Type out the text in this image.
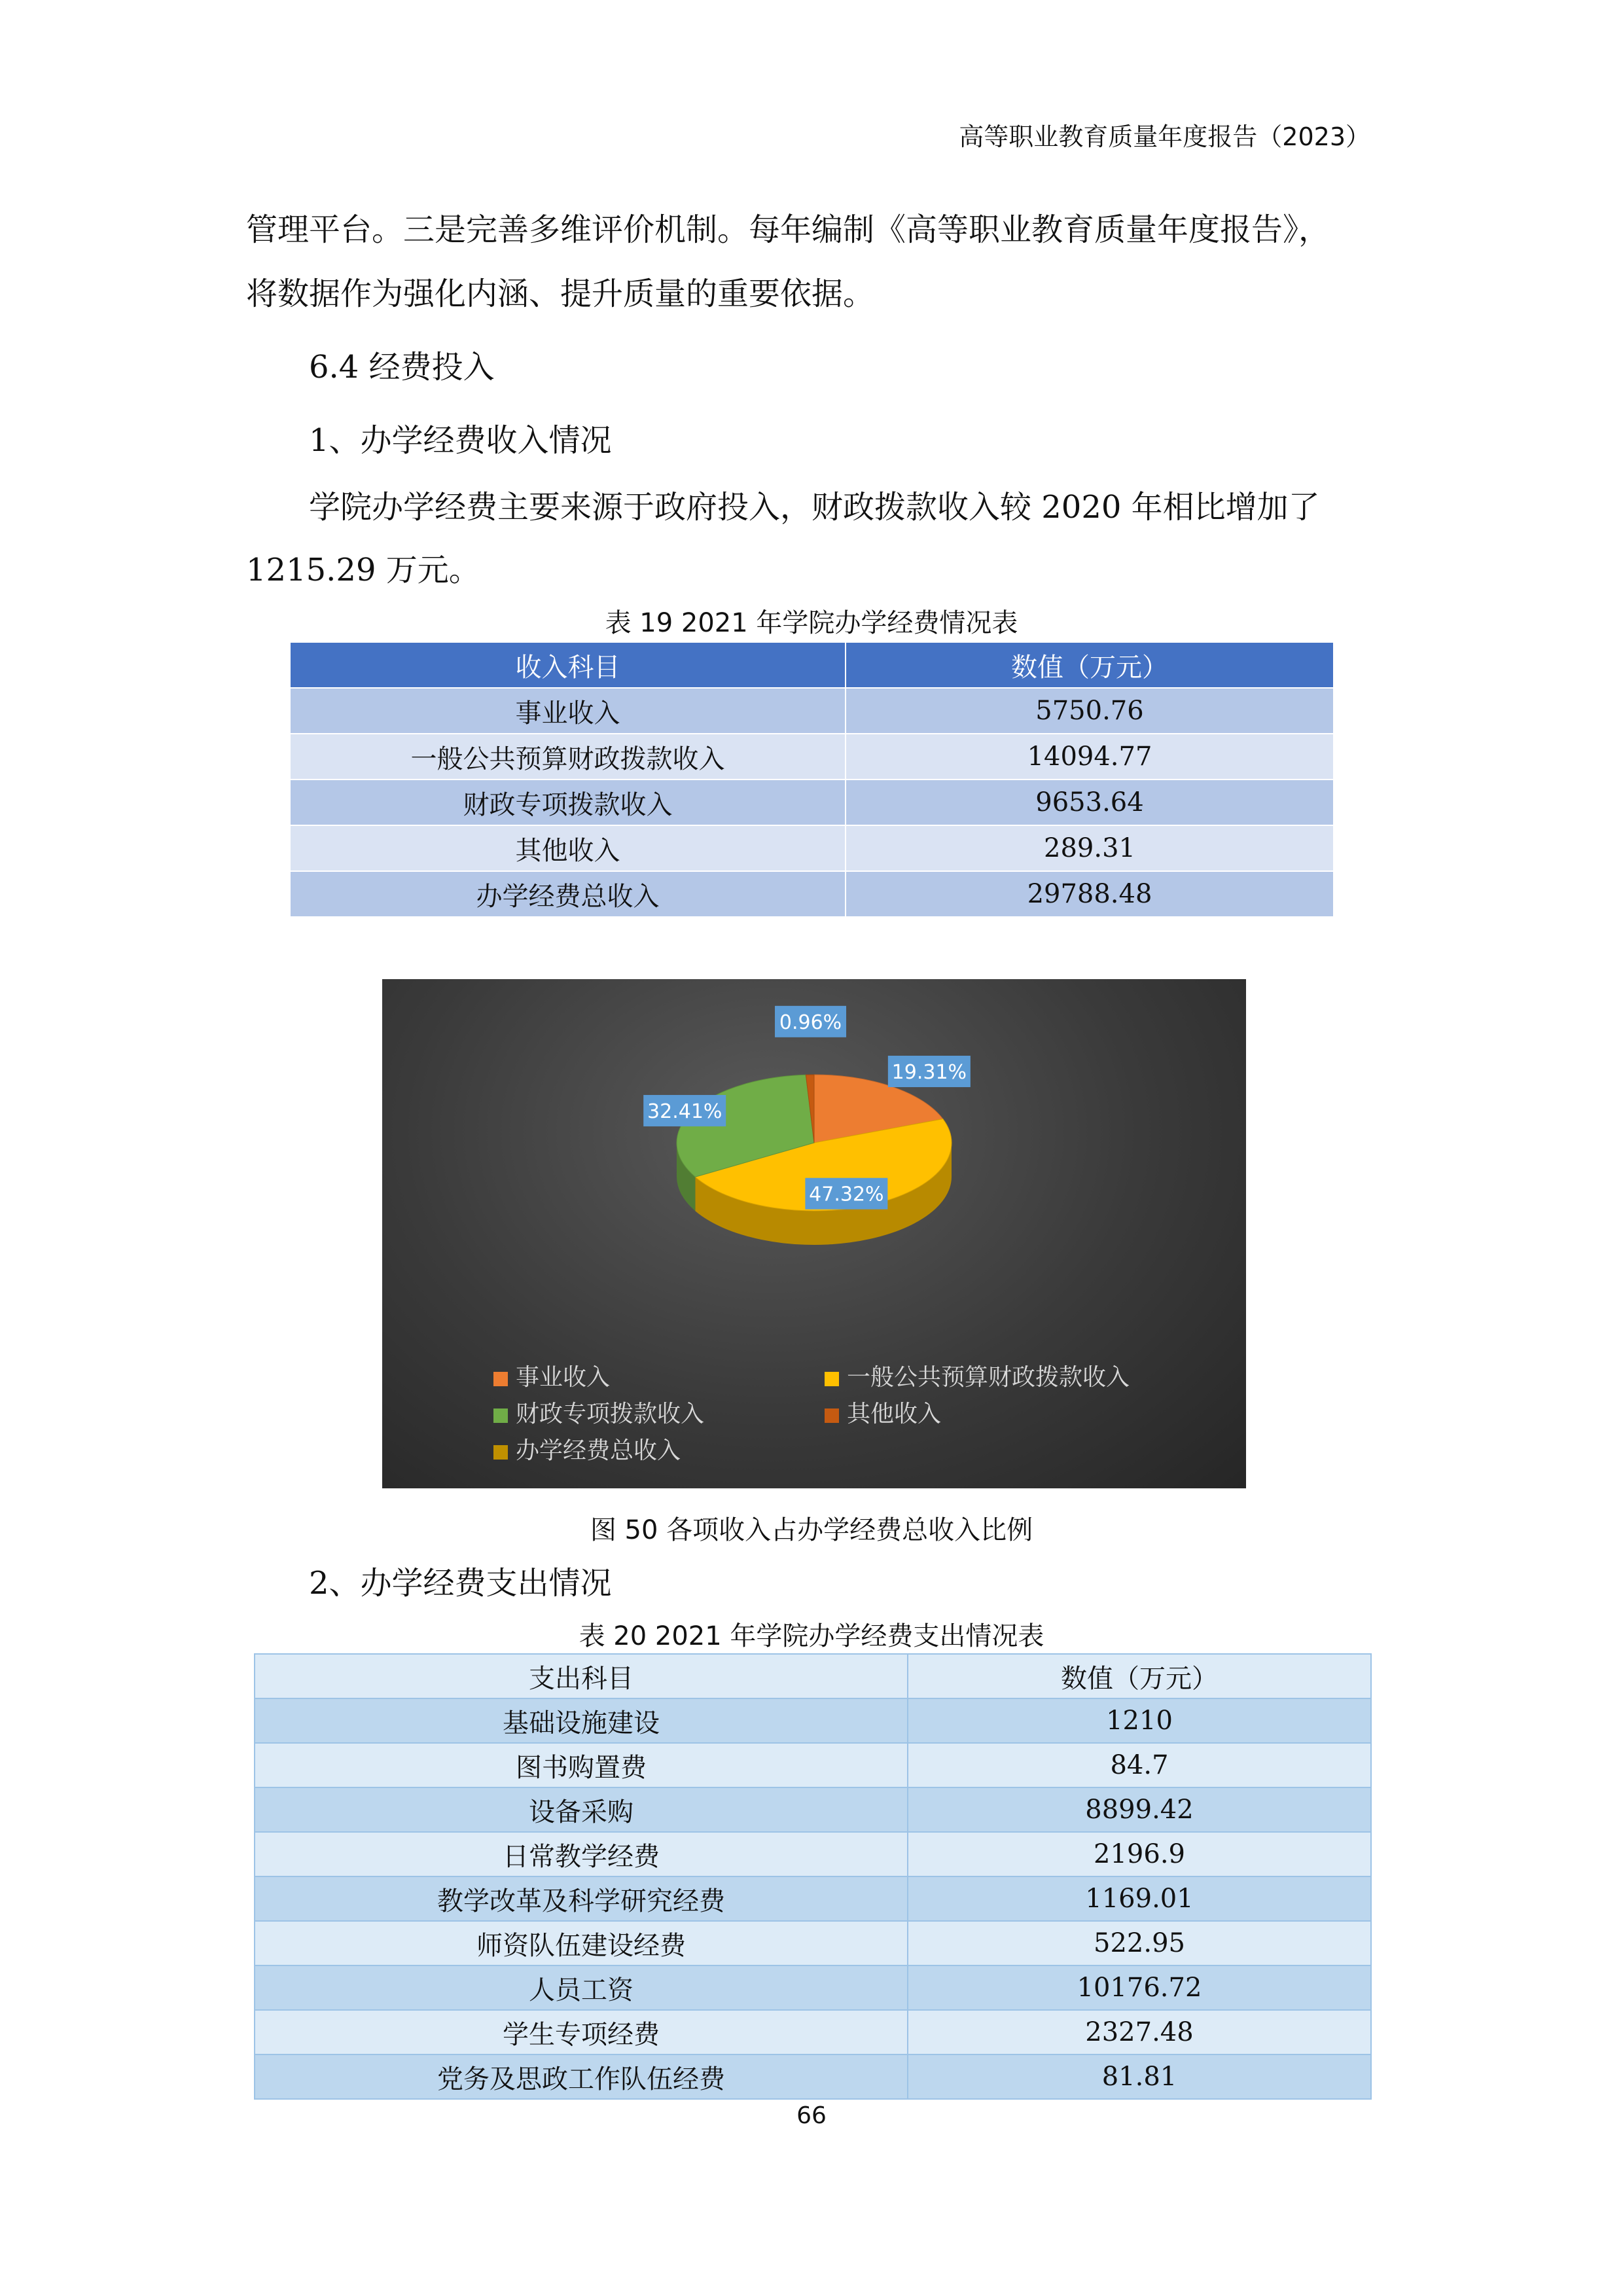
高等职业教育质量年度报告（2023）
管理平台。三是完善多维评价机制。每年编制《高等职业教育质量年度报告》，
将数据作为强化内涵、提升质量的重要依据。
6.4 经费投入
1、办学经费收入情况
学院办学经费主要来源于政府投入，财政拨款收入较 2020 年相比增加了
1215.29 万元。
表 19 2021 年学院办学经费情况表
收入科目	数值（万元）
事业收入	5750.76
一般公共预算财政拨款收入	14094.77
财政专项拨款收入	9653.64
其他收入	289.31
办学经费总收入	29788.48
19.31%
47.32%
32.41%
0.96%
事业收入	一般公共预算财政拨款收入
财政专项拨款收入	其他收入
办学经费总收入
图 50 各项收入占办学经费总收入比例
2、办学经费支出情况
表 20 2021 年学院办学经费支出情况表
支出科目	数值（万元）
基础设施建设	1210
图书购置费	84.7
设备采购	8899.42
日常教学经费	2196.9
教学改革及科学研究经费	1169.01
师资队伍建设经费	522.95
人员工资	10176.72
学生专项经费	2327.48
党务及思政工作队伍经费	81.81
66
